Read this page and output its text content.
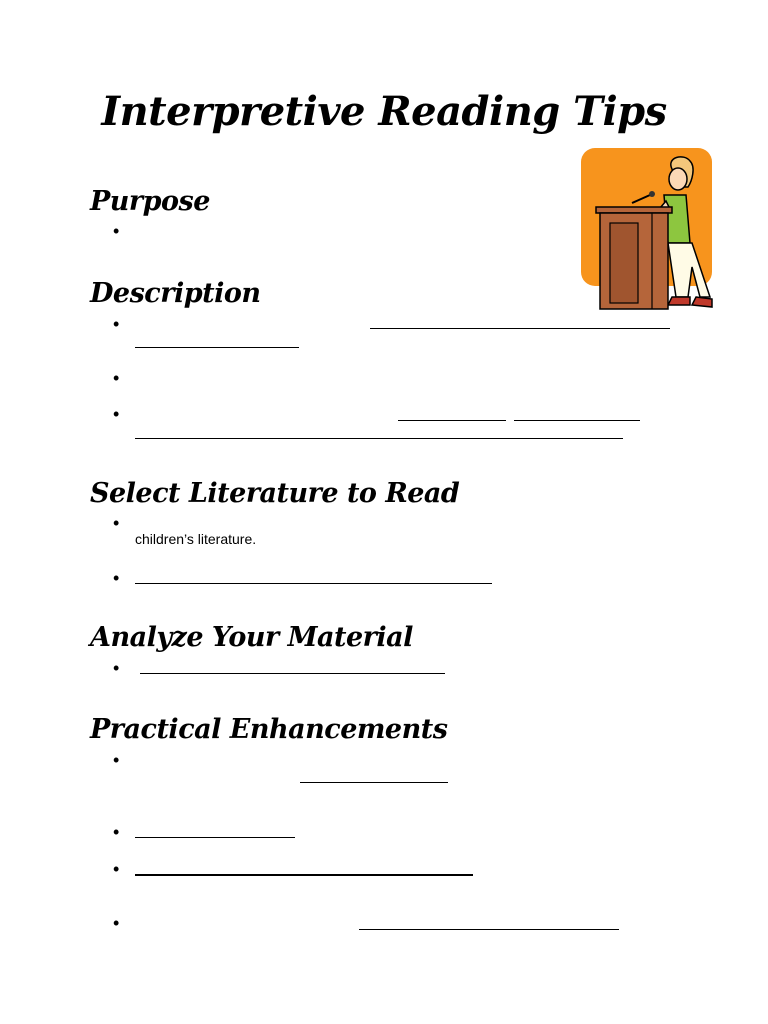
Interpretive Reading Tips
Purpose
•
Description
•
•
•
Select Literature to Read
•
children’s literature.
•
Analyze Your Material
•
Practical Enhancements
•
•
•
•
